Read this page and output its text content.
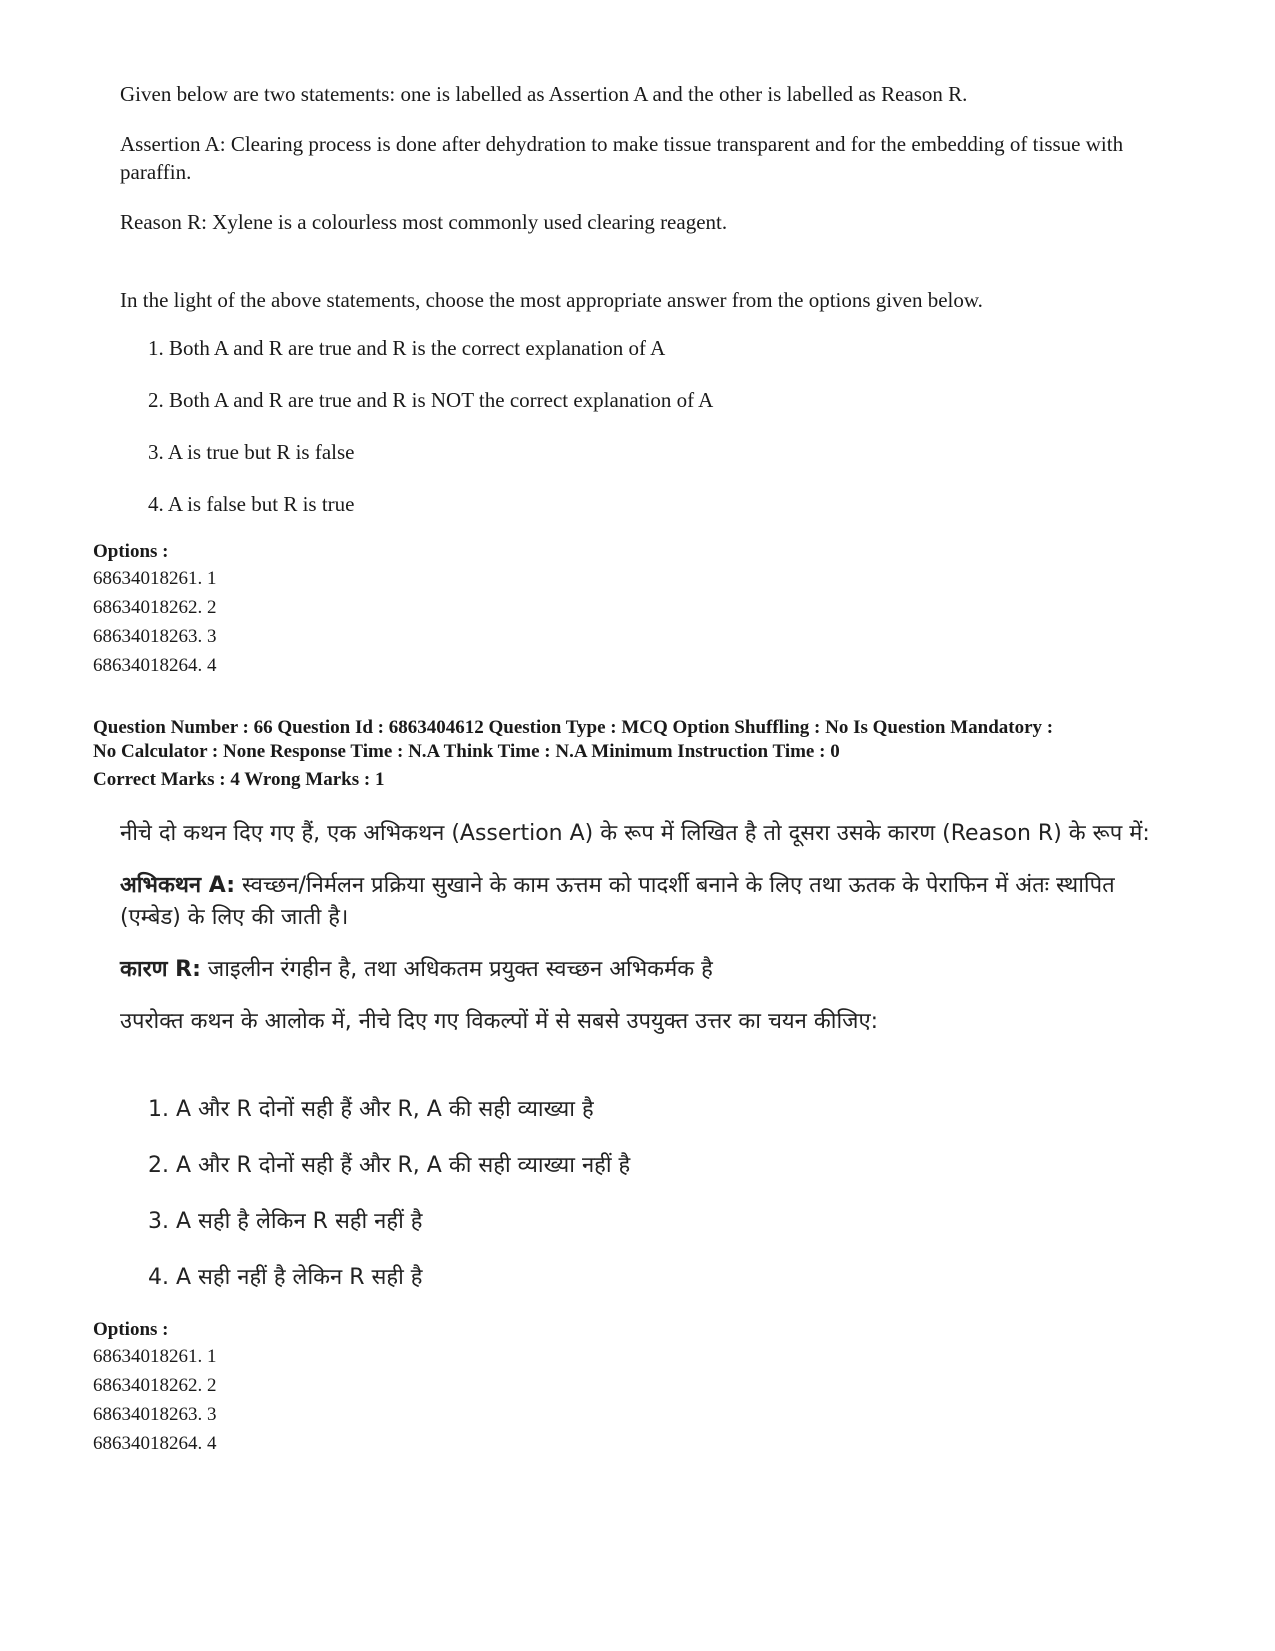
Given below are two statements: one is labelled as Assertion A and the other is labelled as Reason R.

Assertion A: Clearing process is done after dehydration to make tissue transparent and for the embedding of tissue with paraffin.

Reason R: Xylene is a colourless most commonly used clearing reagent.

In the light of the above statements, choose the most appropriate answer from the options given below.

1. Both A and R are true and R is the correct explanation of A

2. Both A and R are true and R is NOT the correct explanation of A

3. A is true but R is false

4. A is false but R is true

Options :
68634018261. 1
68634018262. 2
68634018263. 3
68634018264. 4
Question Number : 66 Question Id : 6863404612 Question Type : MCQ Option Shuffling : No Is Question Mandatory :
No Calculator : None Response Time : N.A Think Time : N.A Minimum Instruction Time : 0
Correct Marks : 4 Wrong Marks : 1

नीचे दो कथन दिए गए हैं, एक अभिकथन (Assertion A) के रूप में लिखित है तो दूसरा उसके कारण (Reason R) के रूप में:

अभिकथन A: स्वच्छन/निर्मलन प्रक्रिया सुखाने के काम ऊत्तम को पादर्शी बनाने के लिए तथा ऊतक के पेराफिन में अंतः स्थापित (एम्बेड) के लिए की जाती है।

कारण R: जाइलीन रंगहीन है, तथा अधिकतम प्रयुक्त स्वच्छन अभिकर्मक है

उपरोक्त कथन के आलोक में, नीचे दिए गए विकल्पों में से सबसे उपयुक्त उत्तर का चयन कीजिए:

1. A और R दोनों सही हैं और R, A की सही व्याख्या है

2. A और R दोनों सही हैं और R, A की सही व्याख्या नहीं है

3. A सही है लेकिन R सही नहीं है

4. A सही नहीं है लेकिन R सही है

Options :
68634018261. 1
68634018262. 2
68634018263. 3
68634018264. 4
